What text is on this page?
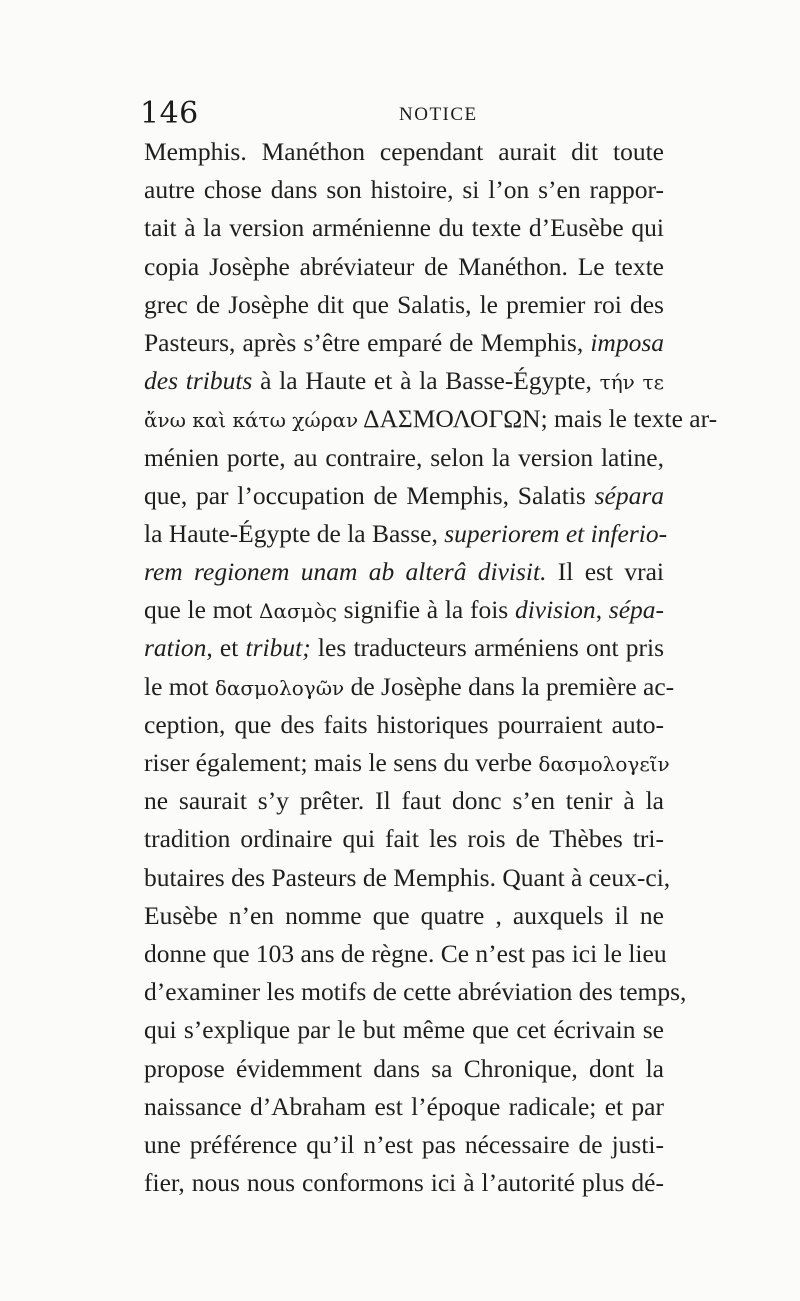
146	NOTICE
Memphis. Manéthon cependant aurait dit toute
autre chose dans son histoire, si l’on s’en rappor-
tait à la version arménienne du texte d’Eusèbe qui
copia Josèphe abréviateur de Manéthon. Le texte
grec de Josèphe dit que Salatis, le premier roi des
Pasteurs, après s’être emparé de Memphis, imposa
des tributs à la Haute et à la Basse-Égypte, τήν τε
ἄνω καὶ κάτω χώραν ΔΑΣΜΟΛΟΓΩΝ; mais le texte ar-
ménien porte, au contraire, selon la version latine,
que, par l’occupation de Memphis, Salatis sépara
la Haute-Égypte de la Basse, superiorem et inferio-
rem regionem unam ab alterâ divisit. Il est vrai
que le mot Δασμὸς signifie à la fois division, sépa-
ration, et tribut; les traducteurs arméniens ont pris
le mot δασμολογῶν de Josèphe dans la première ac-
ception, que des faits historiques pourraient auto-
riser également; mais le sens du verbe δασμολογεῖν
ne saurait s’y prêter. Il faut donc s’en tenir à la
tradition ordinaire qui fait les rois de Thèbes tri-
butaires des Pasteurs de Memphis. Quant à ceux-ci,
Eusèbe n’en nomme que quatre , auxquels il ne
donne que 103 ans de règne. Ce n’est pas ici le lieu
d’examiner les motifs de cette abréviation des temps,
qui s’explique par le but même que cet écrivain se
propose évidemment dans sa Chronique, dont la
naissance d’Abraham est l’époque radicale; et par
une préférence qu’il n’est pas nécessaire de justi-
fier, nous nous conformons ici à l’autorité plus dé-
